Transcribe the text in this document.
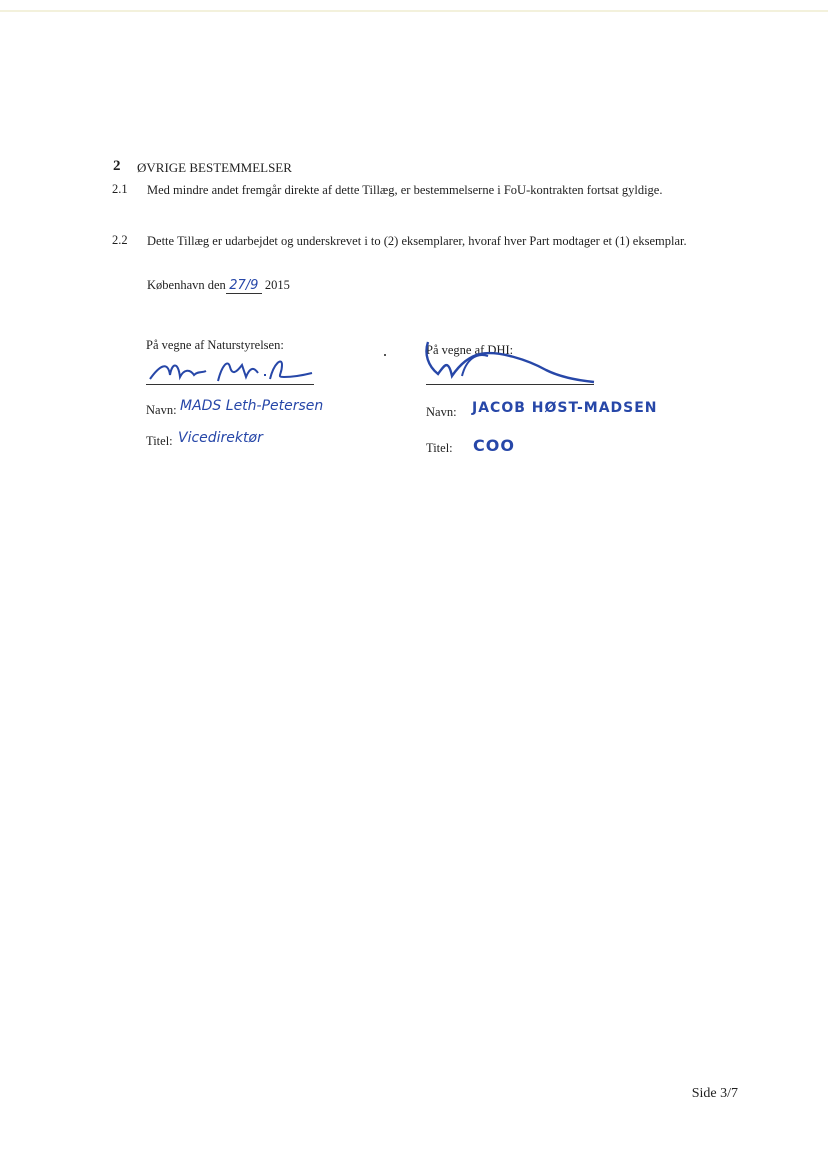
2 ØVRIGE BESTEMMELSER
2.1 Med mindre andet fremgår direkte af dette Tillæg, er bestemmelserne i FoU-kontrakten fortsat gyldige.
2.2 Dette Tillæg er udarbejdet og underskrevet i to (2) eksemplarer, hvoraf hver Part modtager et (1) eksemplar.
København den 27/9 2015
På vegne af Naturstyrelsen:
Navn: MADS Leth-Petersen
Titel: Vicedirektør
På vegne af DHI:
Navn: JACOB HØST-MADSEN
Titel: COO
Side 3/7
